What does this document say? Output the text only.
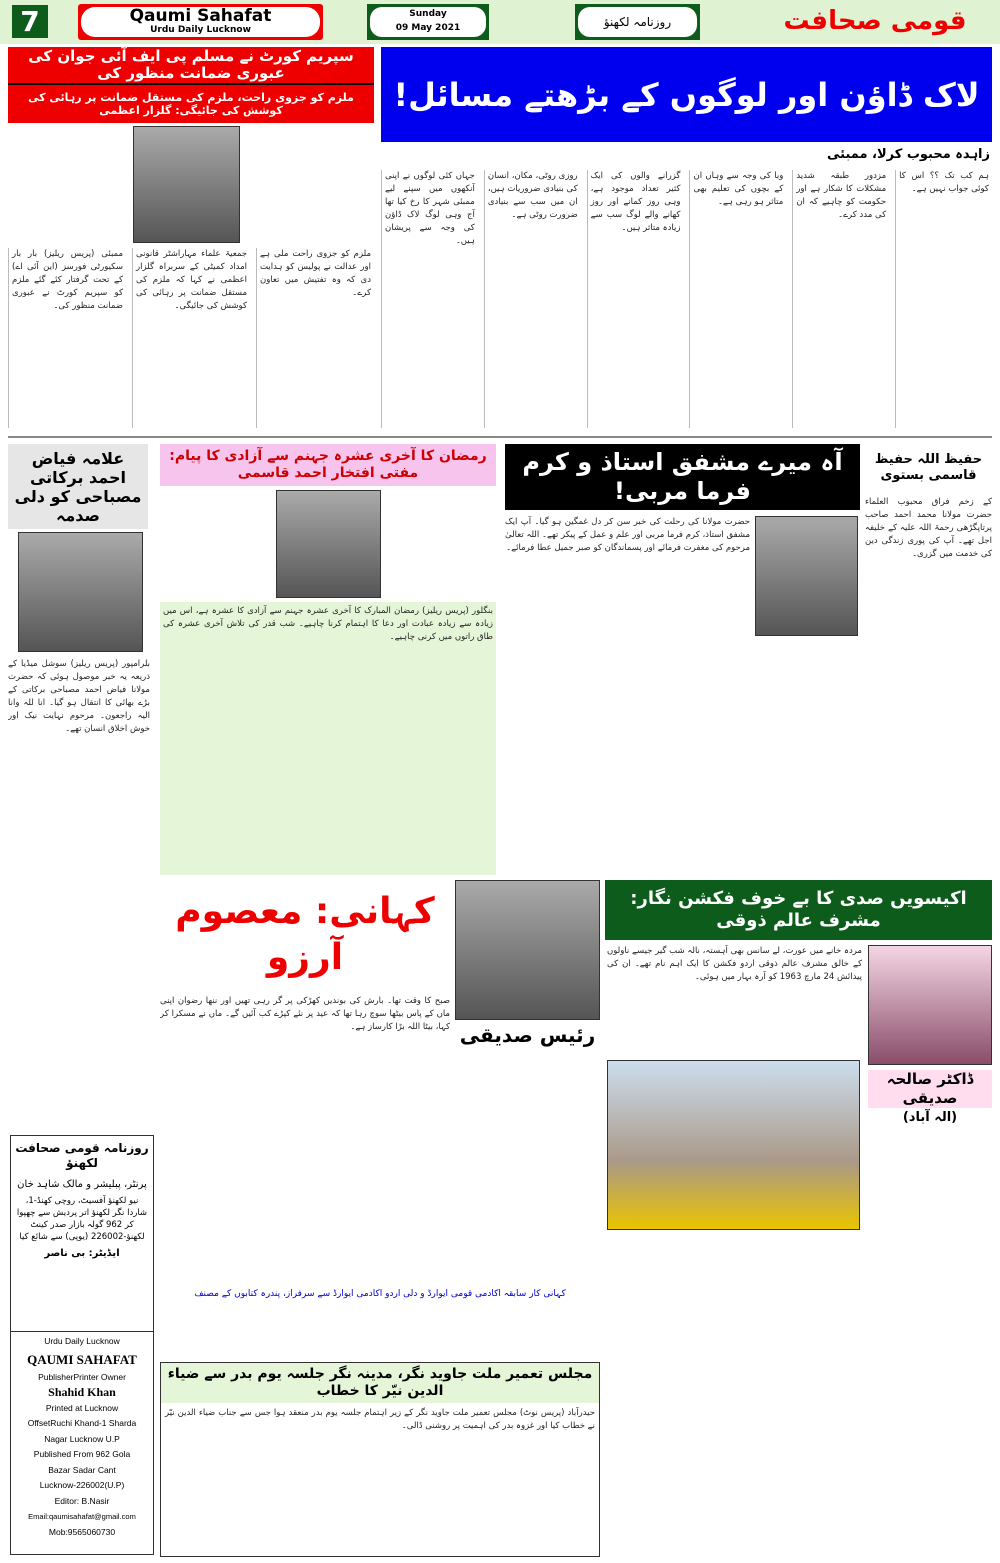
7	Qaumi Sahafat
Urdu Daily Lucknow
Sunday
09 May 2021	روزنامہ لکھنؤ	قومی صحافت
سپریم کورٹ نے مسلم پی ایف آئی جوان کی عبوری ضمانت منظور کی
ملزم کو جزوی راحت، ملزم کی مستقل ضمانت پر رہائی کی کوشش کی جائیگی: گلزار اعظمی
ممبئی (پریس ریلیز) بار بار سکیورٹی فورسز (این آئی اے) کے تحت گرفتار کئے گئے ملزم کو سپریم کورٹ نے عبوری ضمانت منظور کی۔
جمعیۃ علماء مہاراشٹر قانونی امداد کمیٹی کے سربراہ گلزار اعظمی نے کہا کہ ملزم کی مستقل ضمانت پر رہائی کی کوشش کی جائیگی۔
ملزم کو جزوی راحت ملی ہے اور عدالت نے پولیس کو ہدایت دی کہ وہ تفتیش میں تعاون کرے۔
لاک ڈاؤن اور لوگوں کے بڑھتے مسائل!
زاہدہ محبوب کرلا، ممبئی
جہاں کئی لوگوں نے اپنی آنکھوں میں سپنے لیے ممبئی شہر کا رخ کیا تھا آج وہی لوگ لاک ڈاؤن کی وجہ سے پریشان ہیں۔
روزی روٹی، مکان، انسان کی بنیادی ضروریات ہیں، ان میں سب سے بنیادی ضرورت روٹی ہے۔
گزرانے والوں کی ایک کثیر تعداد موجود ہے، وہی روز کمانے اور روز کھانے والے لوگ سب سے زیادہ متاثر ہیں۔
وبا کی وجہ سے وہاں ان کے بچوں کی تعلیم بھی متاثر ہو رہی ہے۔
مزدور طبقہ شدید مشکلات کا شکار ہے اور حکومت کو چاہیے کہ ان کی مدد کرے۔
ہم کب تک ؟؟ اس کا کوئی جواب نہیں ہے۔
علامہ فیاض احمد برکاتی مصباحی کو دلی صدمہ
بلرامپور (پریس ریلیز) سوشل میڈیا کے ذریعہ یہ خبر موصول ہوئی کہ حضرت مولانا فیاض احمد مصباحی برکاتی کے بڑے بھائی کا انتقال ہو گیا۔ انا للہ وانا الیہ راجعون۔ مرحوم نہایت نیک اور خوش اخلاق انسان تھے۔
رمضان کا آخری عشرہ جہنم سے آزادی کا پیام: مفتی افتخار احمد قاسمی
بنگلور (پریس ریلیز) رمضان المبارک کا آخری عشرہ جہنم سے آزادی کا عشرہ ہے، اس میں زیادہ سے زیادہ عبادت اور دعا کا اہتمام کرنا چاہیے۔ شب قدر کی تلاش آخری عشرہ کی طاق راتوں میں کرنی چاہیے۔
آہ میرے مشفق استاذ و کرم فرما مربی!
حضرت مولانا کی رحلت کی خبر سن کر دل غمگین ہو گیا۔ آپ ایک مشفق استاذ، کرم فرما مربی اور علم و عمل کے پیکر تھے۔ اللہ تعالیٰ مرحوم کی مغفرت فرمائے اور پسماندگان کو صبر جمیل عطا فرمائے۔
حفیظ اللہ حفیظ قاسمی بستوی
کے زخم فراق محبوب العلماء حضرت مولانا محمد احمد صاحب پرتاپگڑھی رحمۃ اللہ علیہ کے خلیفہ اجل تھے۔ آپ کی پوری زندگی دین کی خدمت میں گزری۔
کہانی: معصوم آرزو
رئیس صدیقی
صبح کا وقت تھا۔ بارش کی بوندیں کھڑکی پر گر رہی تھیں اور ننھا رضوان اپنی ماں کے پاس بیٹھا سوچ رہا تھا کہ عید پر نئے کپڑے کب آئیں گے۔ ماں نے مسکرا کر کہا، بیٹا اللہ بڑا کارساز ہے۔
کہانی کار سابقہ اکادمی قومی ایوارڈ و دلی اردو اکادمی ایوارڈ سے سرفراز، پندرہ کتابوں کے مصنف
اکیسویں صدی کا بے خوف فکشن نگار: مشرف عالم ذوقی
ڈاکٹر صالحہ صدیقی
(الہ آباد)
مردہ خانے میں عورت، لے سانس بھی آہستہ، نالہ شب گیر جیسے ناولوں کے خالق مشرف عالم ذوقی اردو فکشن کا ایک اہم نام تھے۔ ان کی پیدائش 24 مارچ 1963 کو آرہ بہار میں ہوئی۔
مجلس تعمیر ملت جاوید نگر، مدینہ نگر جلسہ یوم بدر سے ضیاء الدین نیّر کا خطاب
حیدرآباد (پریس نوٹ) مجلس تعمیر ملت جاوید نگر کے زیر اہتمام جلسہ یوم بدر منعقد ہوا جس سے جناب ضیاء الدین نیّر نے خطاب کیا اور غزوہ بدر کی اہمیت پر روشنی ڈالی۔
روزنامہ قومی صحافت لکھنؤ
پرنٹر، پبلیشر و مالک شاہد خان
نیو لکھنؤ آفسیٹ، روچی کھنڈ-1، شاردا نگر لکھنؤ اتر پردیش سے چھپوا کر 962 گولہ بازار صدر کینٹ لکھنؤ-226002 (یوپی) سے شائع کیا
ایڈیٹر: بی ناصر
Urdu Daily Lucknow
QAUMI SAHAFAT
PublisherPrinter Owner
Shahid Khan
Printed at Lucknow
OffsetRuchi Khand-1 Sharda
Nagar Lucknow U.P
Published From 962 Gola
Bazar Sadar Cant
Lucknow-226002(U.P)
Editor: B.Nasir
Email:qaumisahafat@gmail.com
Mob:9565060730
